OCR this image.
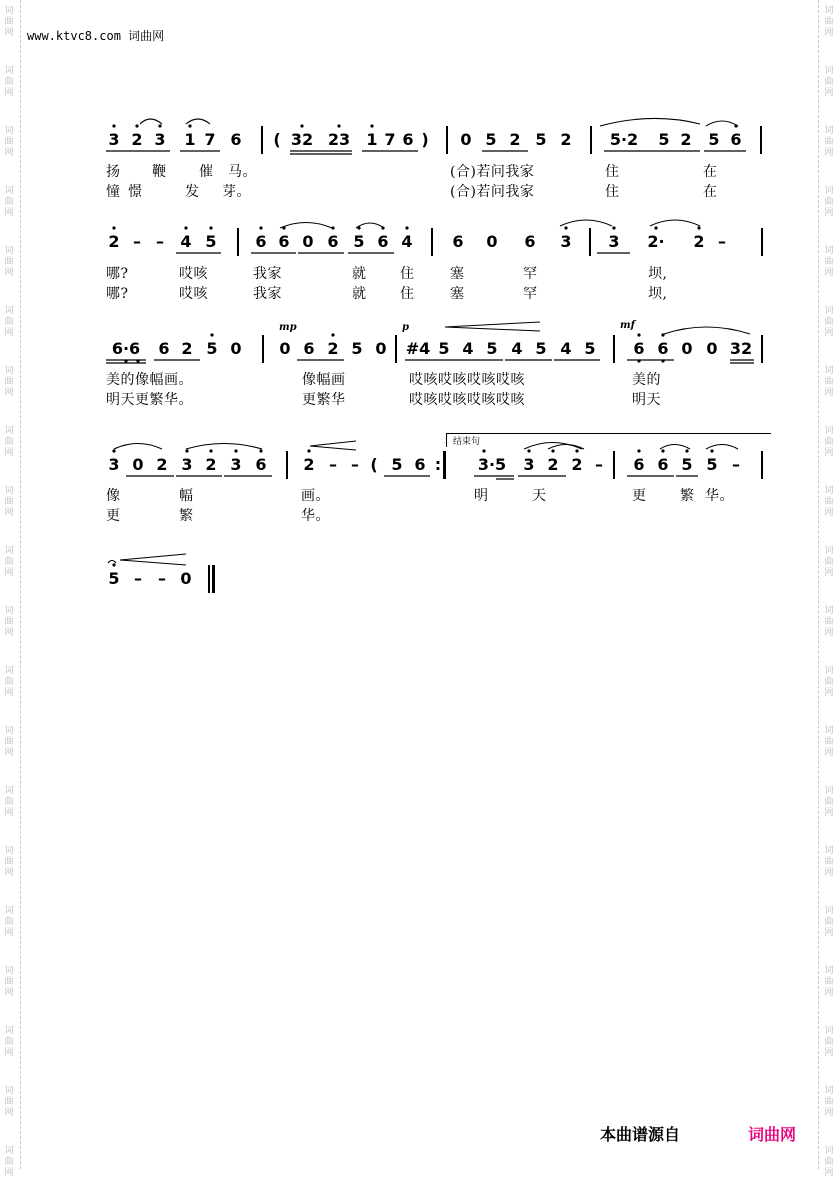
词
曲
网
词
曲
网
词
曲
网
词
曲
网
词
曲
网
词
曲
网
词
曲
网
词
曲
网
词
曲
网
词
曲
网
词
曲
网
词
曲
网
词
曲
网
词
曲
网
词
曲
网
词
曲
网
词
曲
网
词
曲
网
词
曲
网
词
曲
网
词
曲
网
词
曲
网
词
曲
网
词
曲
网
词
曲
网
词
曲
网
词
曲
网
词
曲
网
词
曲
网
词
曲
网
词
曲
网
词
曲
网
词
曲
网
词
曲
网
词
曲
网
词
曲
网
词
曲
网
词
曲
网
词
曲
网
词
曲
网
www.ktvc8.com 词曲网
3 2 3 1 7 6 ( 32 23 1 7 6 ) 0 5 2 5 2 5·2 5 2 5 6
扬 鞭 催 马。	(合)若问我家	住	在
憧 憬	发 芽。	(合)若问我家	住	在
2 – – 4 5 6 6 0 6 5 6 4 6 0 6 3 3 2· 2 –
哪?	哎咳	我家	就 住	塞	罕	坝,
哪?	哎咳	我家	就 住	塞	罕	坝,
mp	p	mf
6·6 6 2 5 0 0 6 2 5 0 #4 5 4 5 4 5 4 5 6 6 0 0 32
美的像幅画。	像幅画	哎咳哎咳哎咳哎咳	美的
明天更繁华。	更繁华	哎咳哎咳哎咳哎咳	明天
结束句
3 0 2 3 2 3 6 2 – – ( 5 6 : 3·5 3 2 2 – 6 6 5 5 –
像	幅	画。	明	天	更 繁 华。
更	繁	华。
5 – – 0
本曲谱源自	词曲网
